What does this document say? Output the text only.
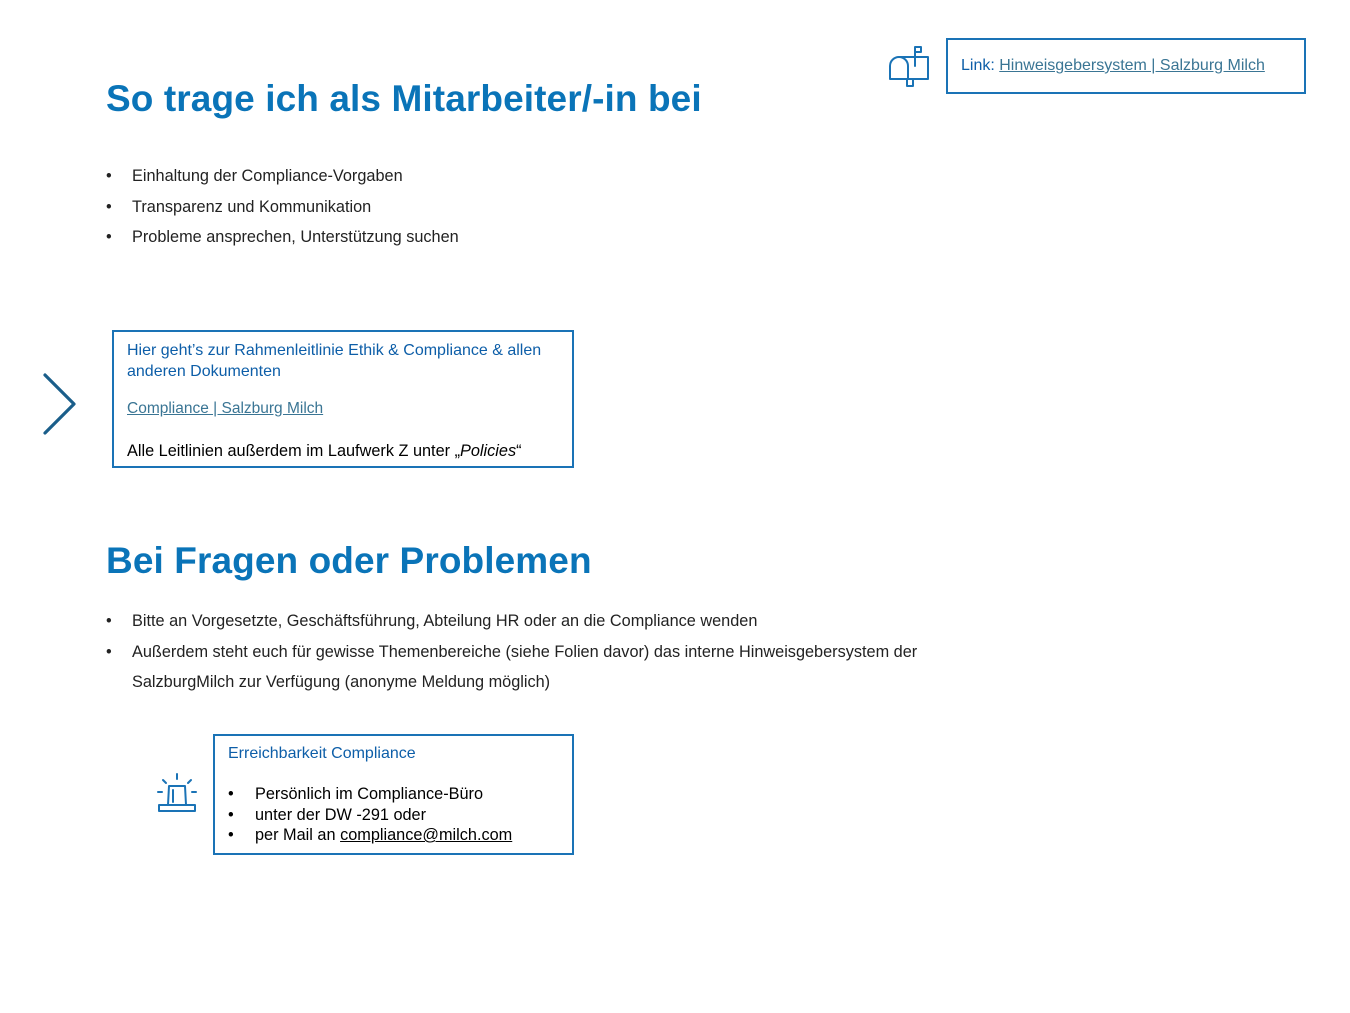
So trage ich als Mitarbeiter/-in bei
• Einhaltung der Compliance-Vorgaben
• Transparenz und Kommunikation
• Probleme ansprechen, Unterstützung suchen
Link: Hinweisgebersystem | Salzburg Milch
Hier geht’s zur Rahmenleitlinie Ethik & Compliance & allen anderen Dokumenten
Compliance | Salzburg Milch
Alle Leitlinien außerdem im Laufwerk Z unter „Policies“
Bei Fragen oder Problemen
• Bitte an Vorgesetzte, Geschäftsführung, Abteilung HR oder an die Compliance wenden
• Außerdem steht euch für gewisse Themenbereiche (siehe Folien davor) das interne Hinweisgebersystem der SalzburgMilch zur Verfügung (anonyme Meldung möglich)
Erreichbarkeit Compliance
• Persönlich im Compliance-Büro
• unter der DW -291 oder
• per Mail an compliance@milch.com
